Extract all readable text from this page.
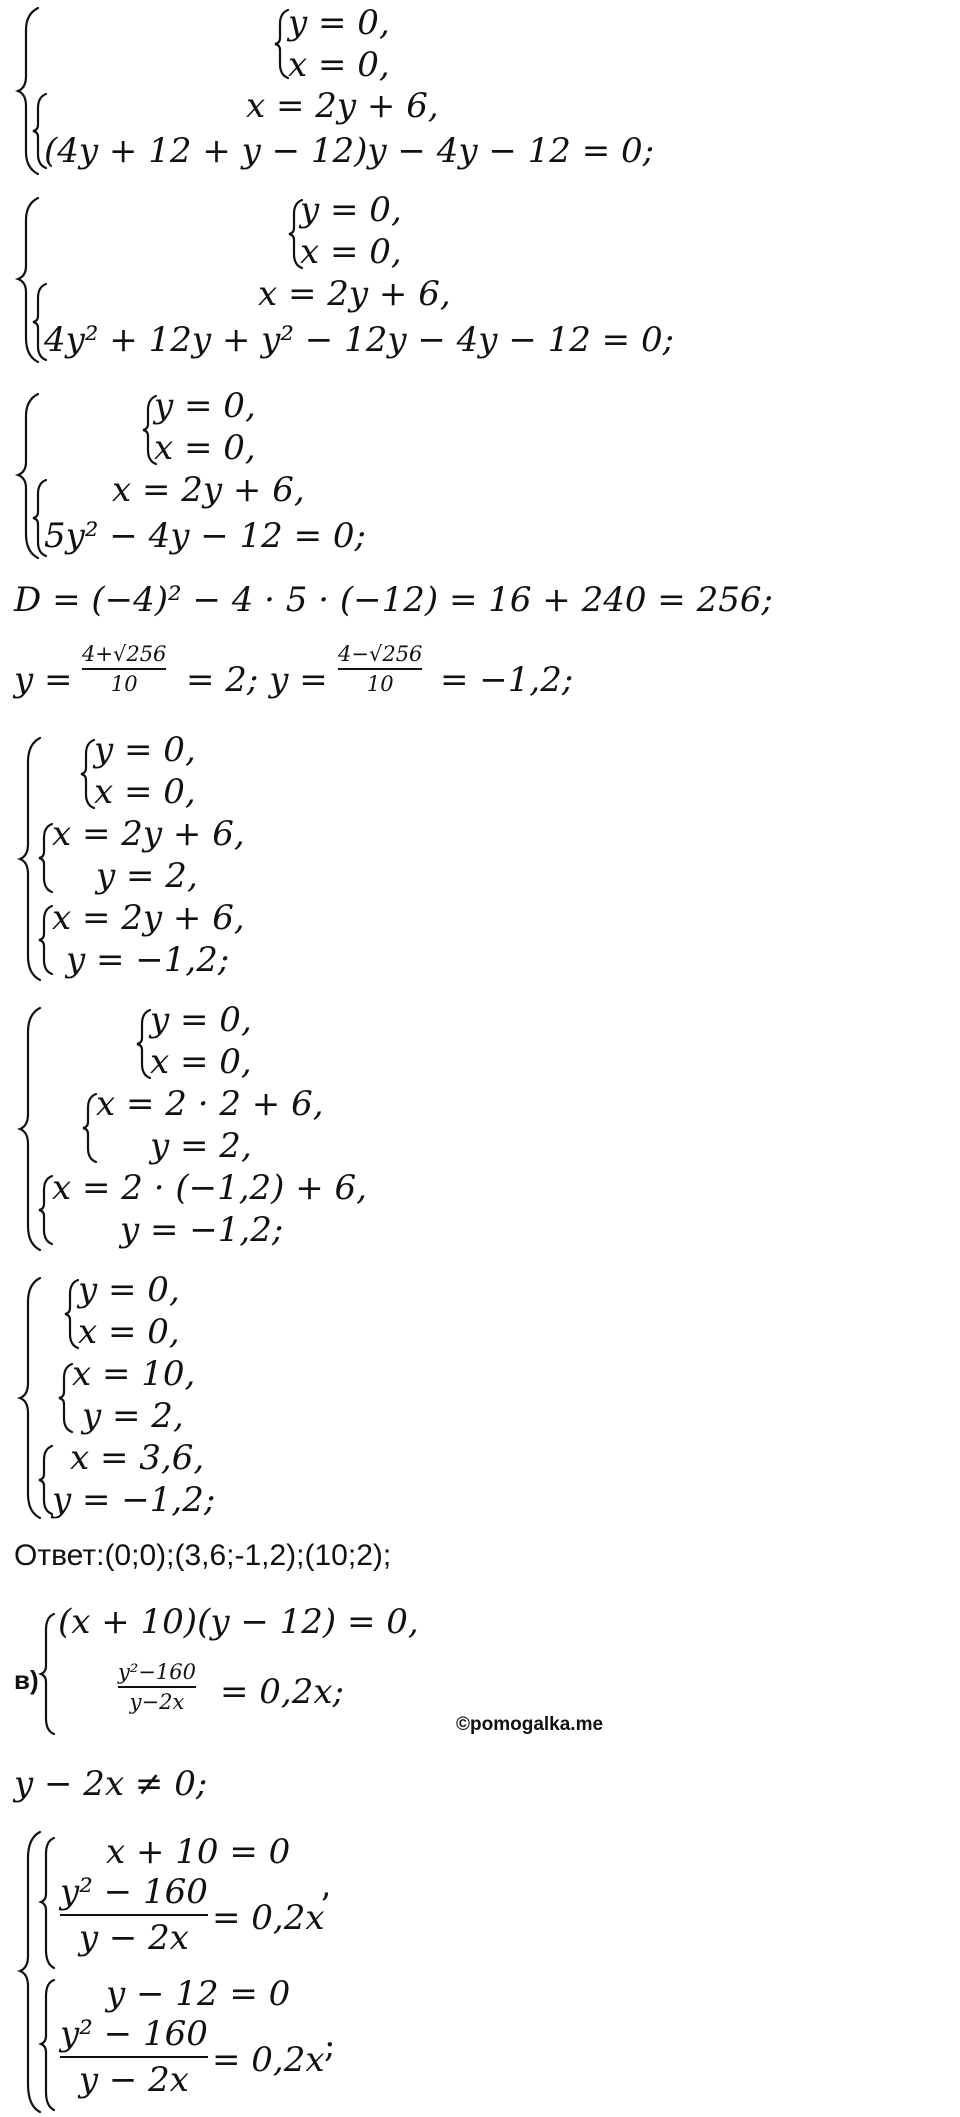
y = 0,
x = 0,
x = 2y + 6,
(4y + 12 + y − 12)y − 4y − 12 = 0;
y = 0,
x = 0,
x = 2y + 6,
4y² + 12y + y² − 12y − 4y − 12 = 0;
y = 0,
x = 0,
x = 2y + 6,
5y² − 4y − 12 = 0;
D = (−4)² − 4 · 5 · (−12) = 16 + 240 = 256;
y =
4+√256
10 = 2; y =
4−√256
10 = −1,2;
y = 0,
x = 0,
x = 2y + 6,
y = 2,
x = 2y + 6,
y = −1,2;
y = 0,
x = 0,
x = 2 · 2 + 6,
y = 2,
x = 2 · (−1,2) + 6,
y = −1,2;
y = 0,
x = 0,
x = 10,
y = 2,
x = 3,6,
y = −1,2;
Ответ:(0;0);(3,6;-1,2);(10;2);
в)
(x + 10)(y − 12) = 0,
y²−160
y−2x = 0,2x;
©pomogalka.me
y − 2x ≠ 0;
x + 10 = 0
y² − 160
y − 2x = 0,2x
’
y − 12 = 0
y² − 160
y − 2x = 0,2x ;
